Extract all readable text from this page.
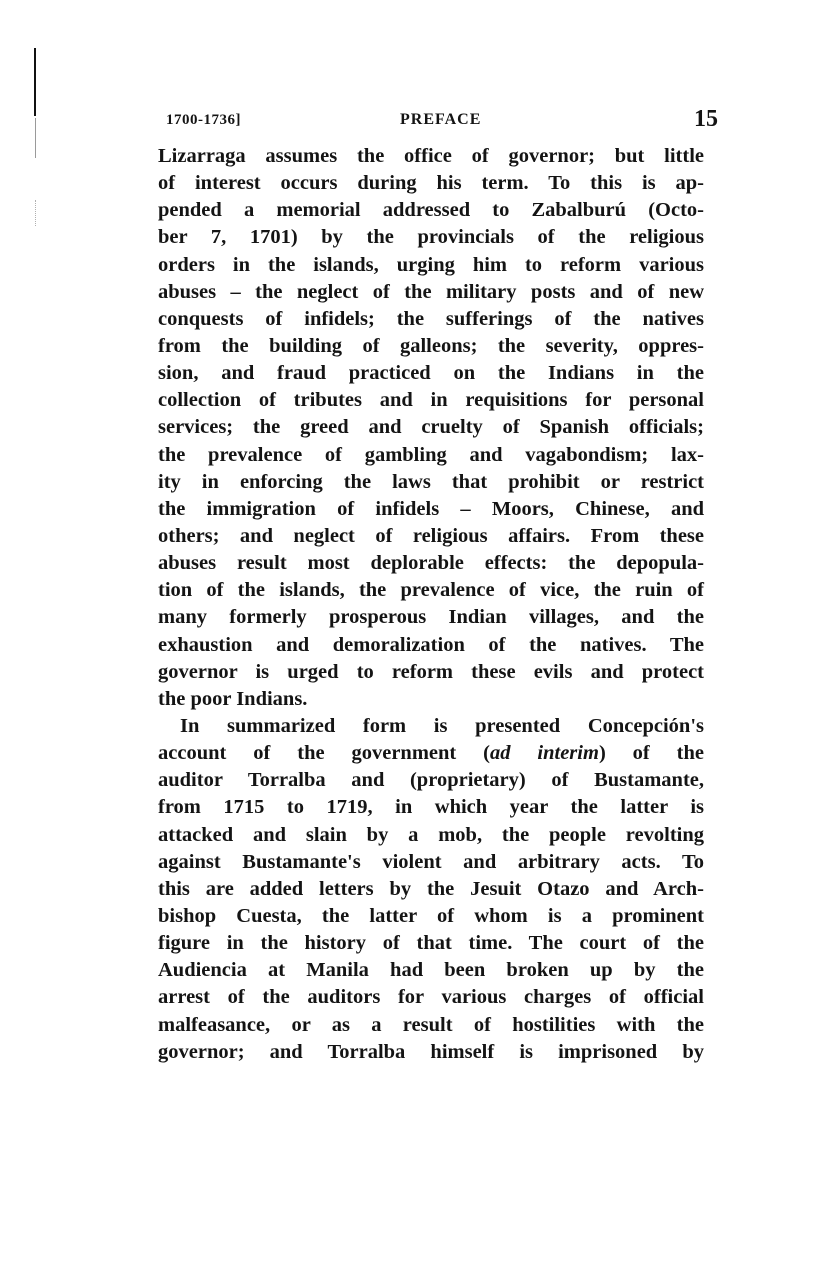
1700-1736]	PREFACE	15
Lizarraga assumes the office of governor; but little
of interest occurs during his term. To this is ap-
pended a memorial addressed to Zabalburú (Octo-
ber 7, 1701) by the provincials of the religious
orders in the islands, urging him to reform various
abuses – the neglect of the military posts and of new
conquests of infidels; the sufferings of the natives
from the building of galleons; the severity, oppres-
sion, and fraud practiced on the Indians in the
collection of tributes and in requisitions for personal
services; the greed and cruelty of Spanish officials;
the prevalence of gambling and vagabondism; lax-
ity in enforcing the laws that prohibit or restrict
the immigration of infidels – Moors, Chinese, and
others; and neglect of religious affairs. From these
abuses result most deplorable effects: the depopula-
tion of the islands, the prevalence of vice, the ruin of
many formerly prosperous Indian villages, and the
exhaustion and demoralization of the natives. The
governor is urged to reform these evils and protect
the poor Indians.
In summarized form is presented Concepción's
account of the government (ad interim) of the
auditor Torralba and (proprietary) of Bustamante,
from 1715 to 1719, in which year the latter is
attacked and slain by a mob, the people revolting
against Bustamante's violent and arbitrary acts. To
this are added letters by the Jesuit Otazo and Arch-
bishop Cuesta, the latter of whom is a prominent
figure in the history of that time. The court of the
Audiencia at Manila had been broken up by the
arrest of the auditors for various charges of official
malfeasance, or as a result of hostilities with the
governor; and Torralba himself is imprisoned by
